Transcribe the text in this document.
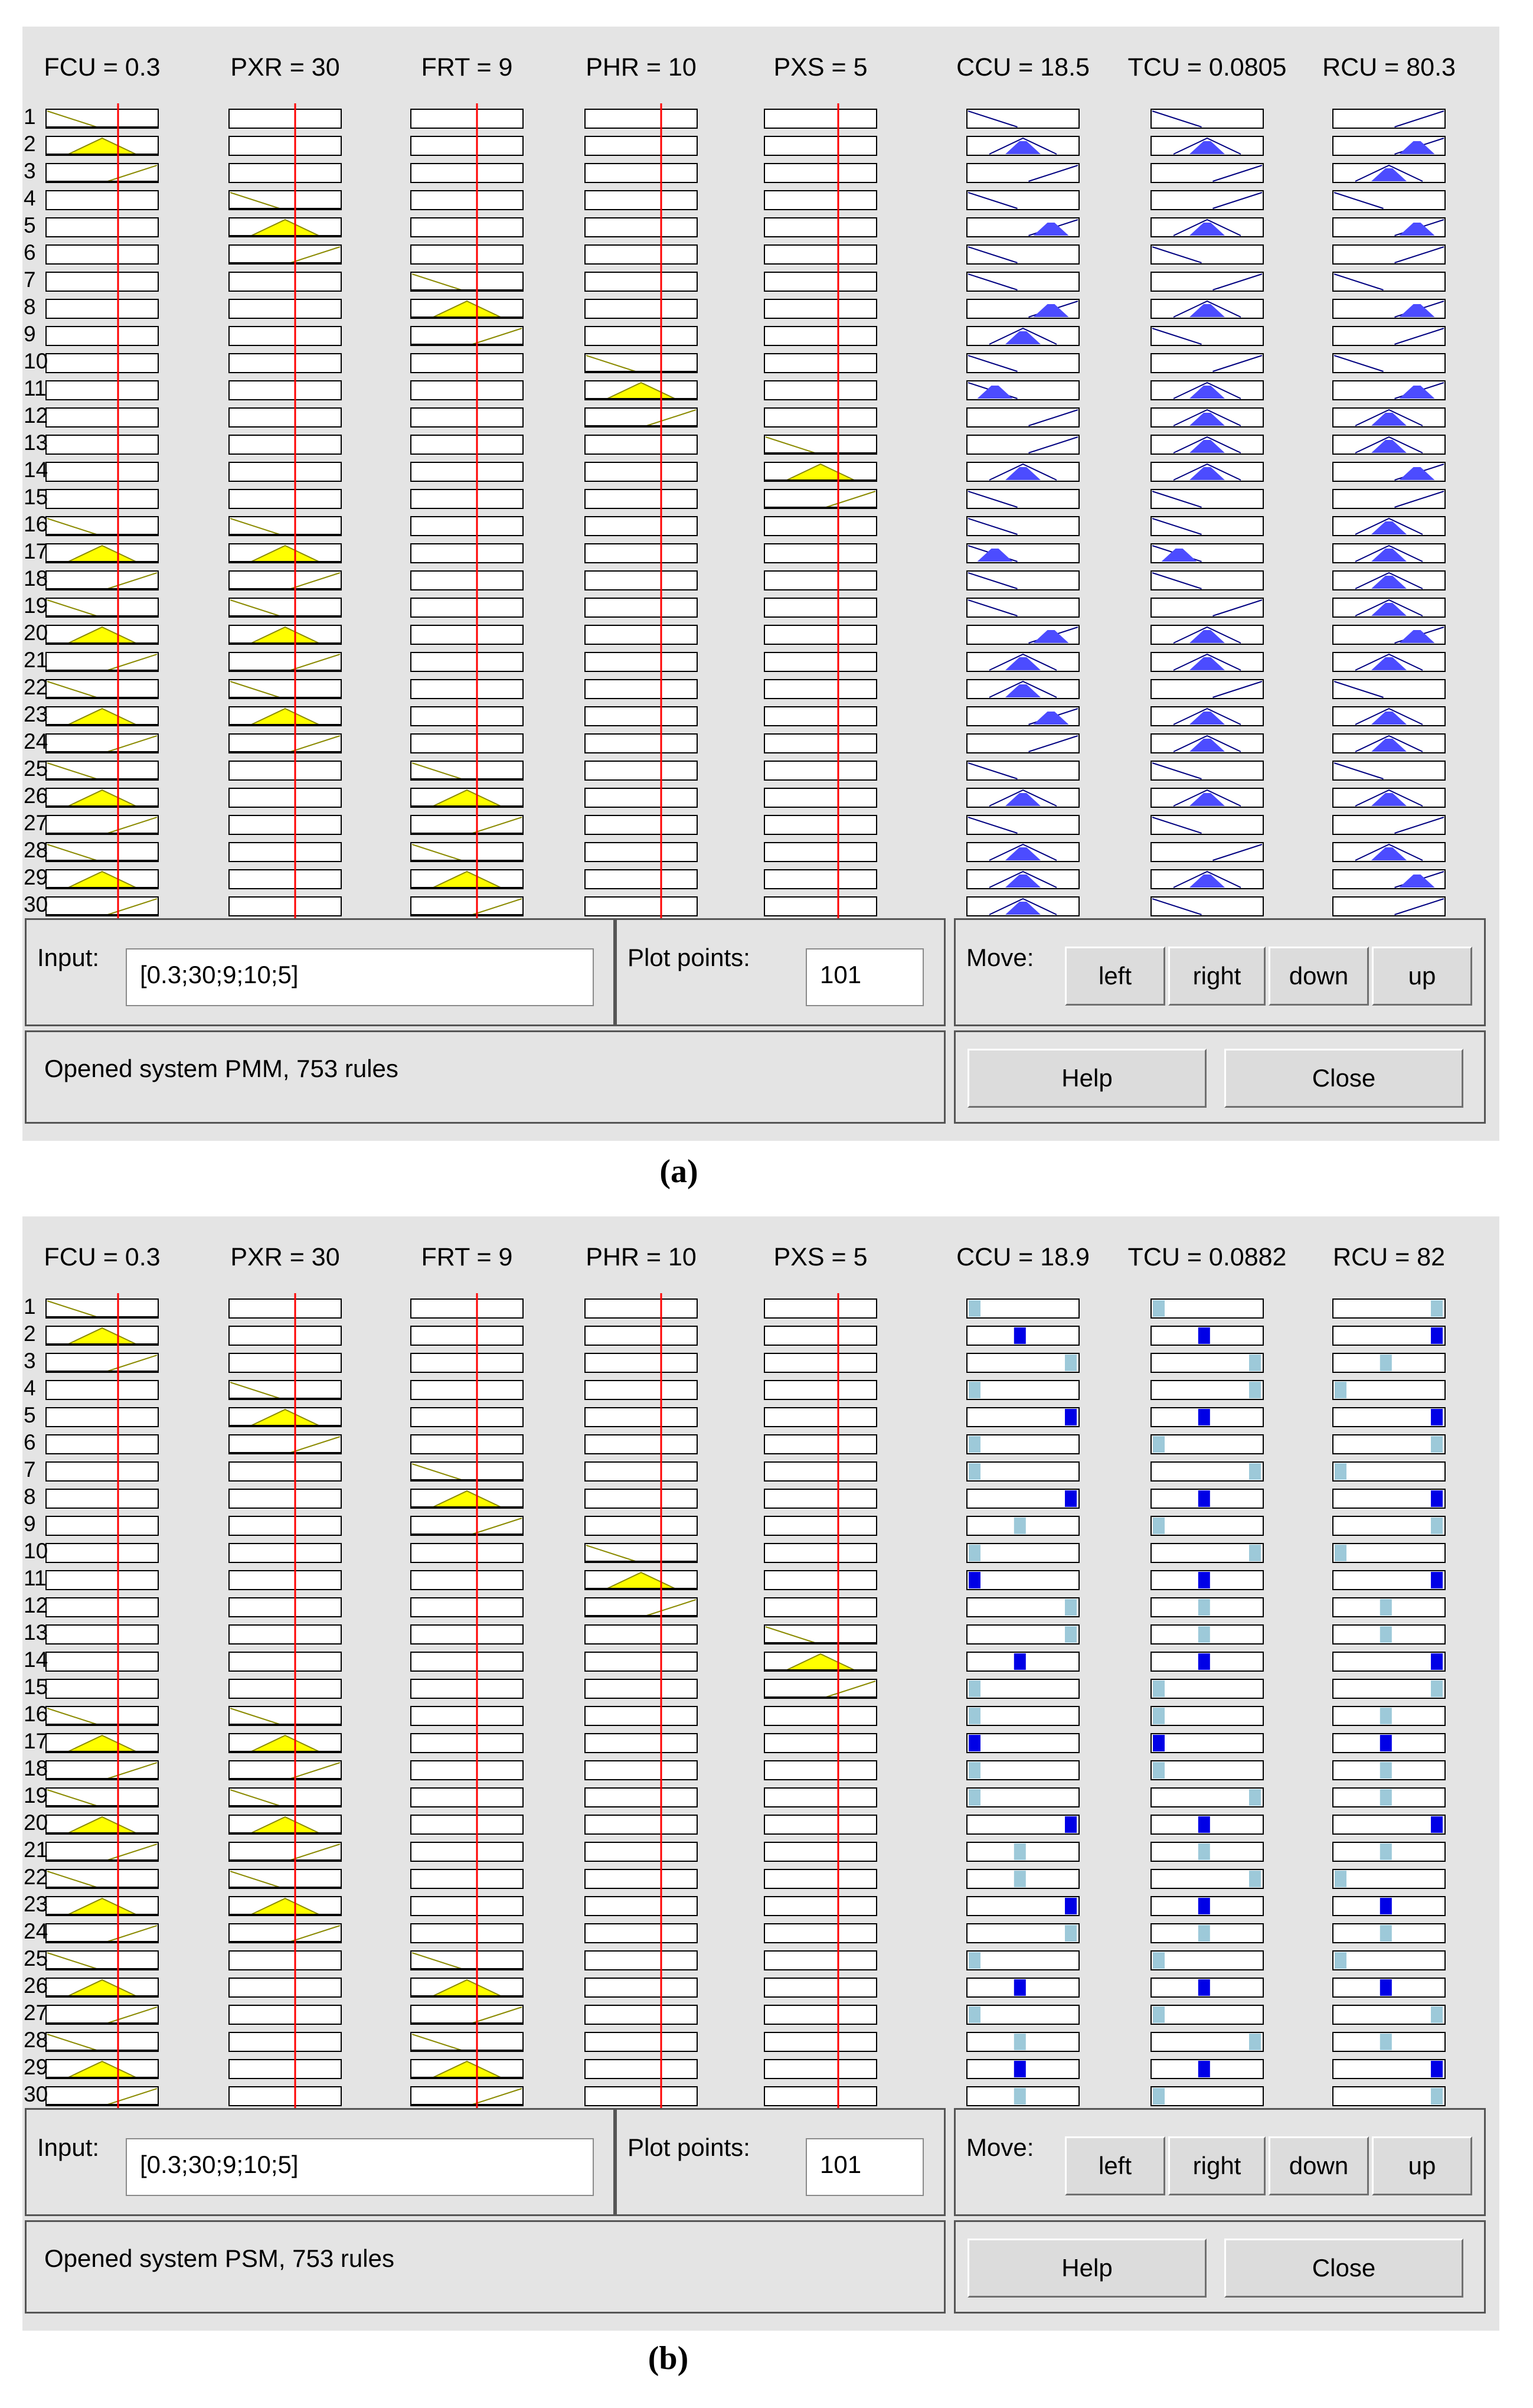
FCU = 0.3	PXR = 30	FRT = 9	PHR = 10	PXS = 5	CCU = 18.5 TCU = 0.0805 RCU = 80.3
1
2
3
4
5
6
7
8
9
10
11
12
13
14
15
16
17
18
19
20
21
22
23
24
25
26
27
28
29
30
Input:
[0.3;30;9;10;5]
Plot points:
101
Move:
left	right	down	up
Opened system PMM, 753 rules	Help	Close
(a)
FCU = 0.3	PXR = 30	FRT = 9	PHR = 10	PXS = 5	CCU = 18.9 TCU = 0.0882 RCU = 82
1
2
3
4
5
6
7
8
9
10
11
12
13
14
15
16
17
18
19
20
21
22
23
24
25
26
27
28
29
30
Input:
[0.3;30;9;10;5]
Plot points:
101
Move:
left	right	down	up
Opened system PSM, 753 rules	Help	Close
(b)
